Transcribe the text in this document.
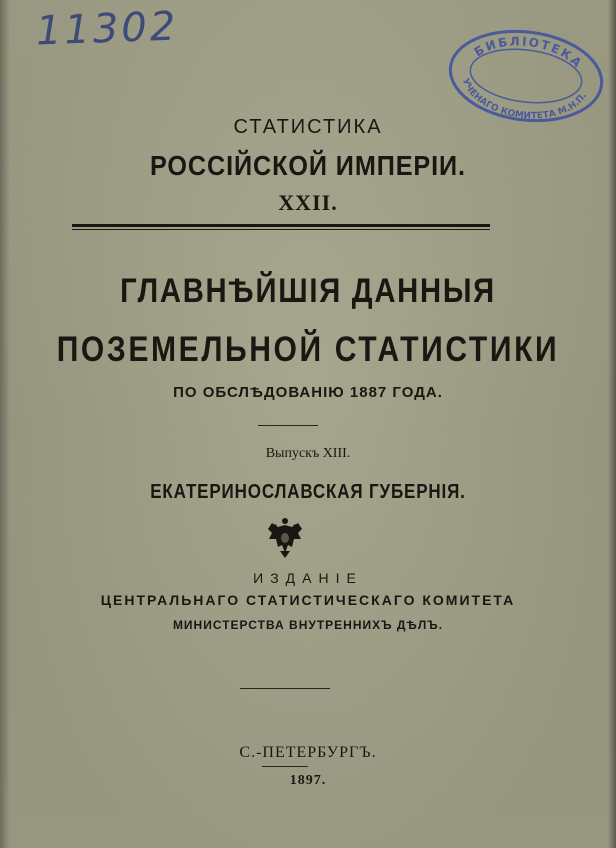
11302	БИБЛІОТЕКА
УЧЕНАГО КОМИТЕТА М.Н.П.
СТАТИСТИКА
РОССІЙСКОЙ ИМПЕРІИ.
XXII.
ГЛАВНѢЙШІЯ ДАННЫЯ
ПОЗЕМЕЛЬНОЙ СТАТИСТИКИ
ПО ОБСЛѢДОВАНІЮ 1887 ГОДА.
Выпускъ XIII.
ЕКАТЕРИНОСЛАВСКАЯ ГУБЕРНІЯ.
ИЗДАНІЕ
ЦЕНТРАЛЬНАГО СТАТИСТИЧЕСКАГО КОМИТЕТА
МИНИСТЕРСТВА ВНУТРЕННИХЪ ДѢЛЪ.
С.-ПЕТЕРБУРГЪ.
1897.
